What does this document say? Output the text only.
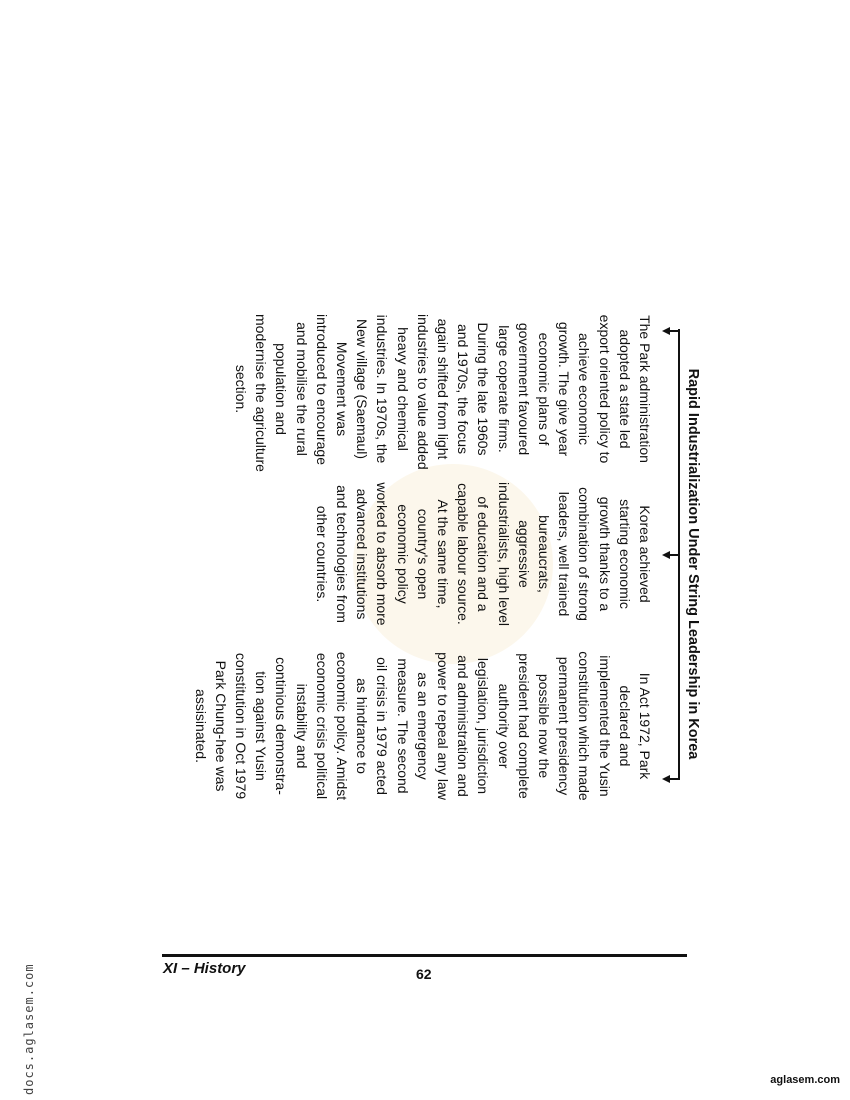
Rapid Industrialization Under String Leadership in Korea
The Park administration
adopted a state led
export oriented policy to
achieve economic
growth. The give year
economic plans of
government favoured
large coperate firms.
During the late 1960s
and 1970s, the focus
again shifted from light
industries to value added
heavy and chemical
industries. In 1970s, the
New village (Saemaul)
Movement was
introduced to encourage
and mobilise the rural
population and
modernise the agriculture
section.
Korea achieved
starting economic
growth thanks to a
combination of strong
leaders, well trained
bureaucrats,
aggressive
industrialists, high level
of education and a
capable labour source.
At the same time,
country's open
economic policy
worked to absorb more
advanced institutions
and technologies from
other countries.
In Act 1972, Park
declared and
implemented the Yusin
constitution which made
permanent presidency
possible now the
president had complete
authority over
legislation, jurisdiction
and administration and
power to repeal any law
as an emergency
measure. The second
oil crisis in 1979 acted
as hindrance to
economic policy. Amidst
economic crisis political
instability and
continious demonstra-
tion against Yusin
constitution in Oct 1979
Park Chung-hee was
assisinated.
XI – History	62
docs.aglasem.com	aglasem.com
